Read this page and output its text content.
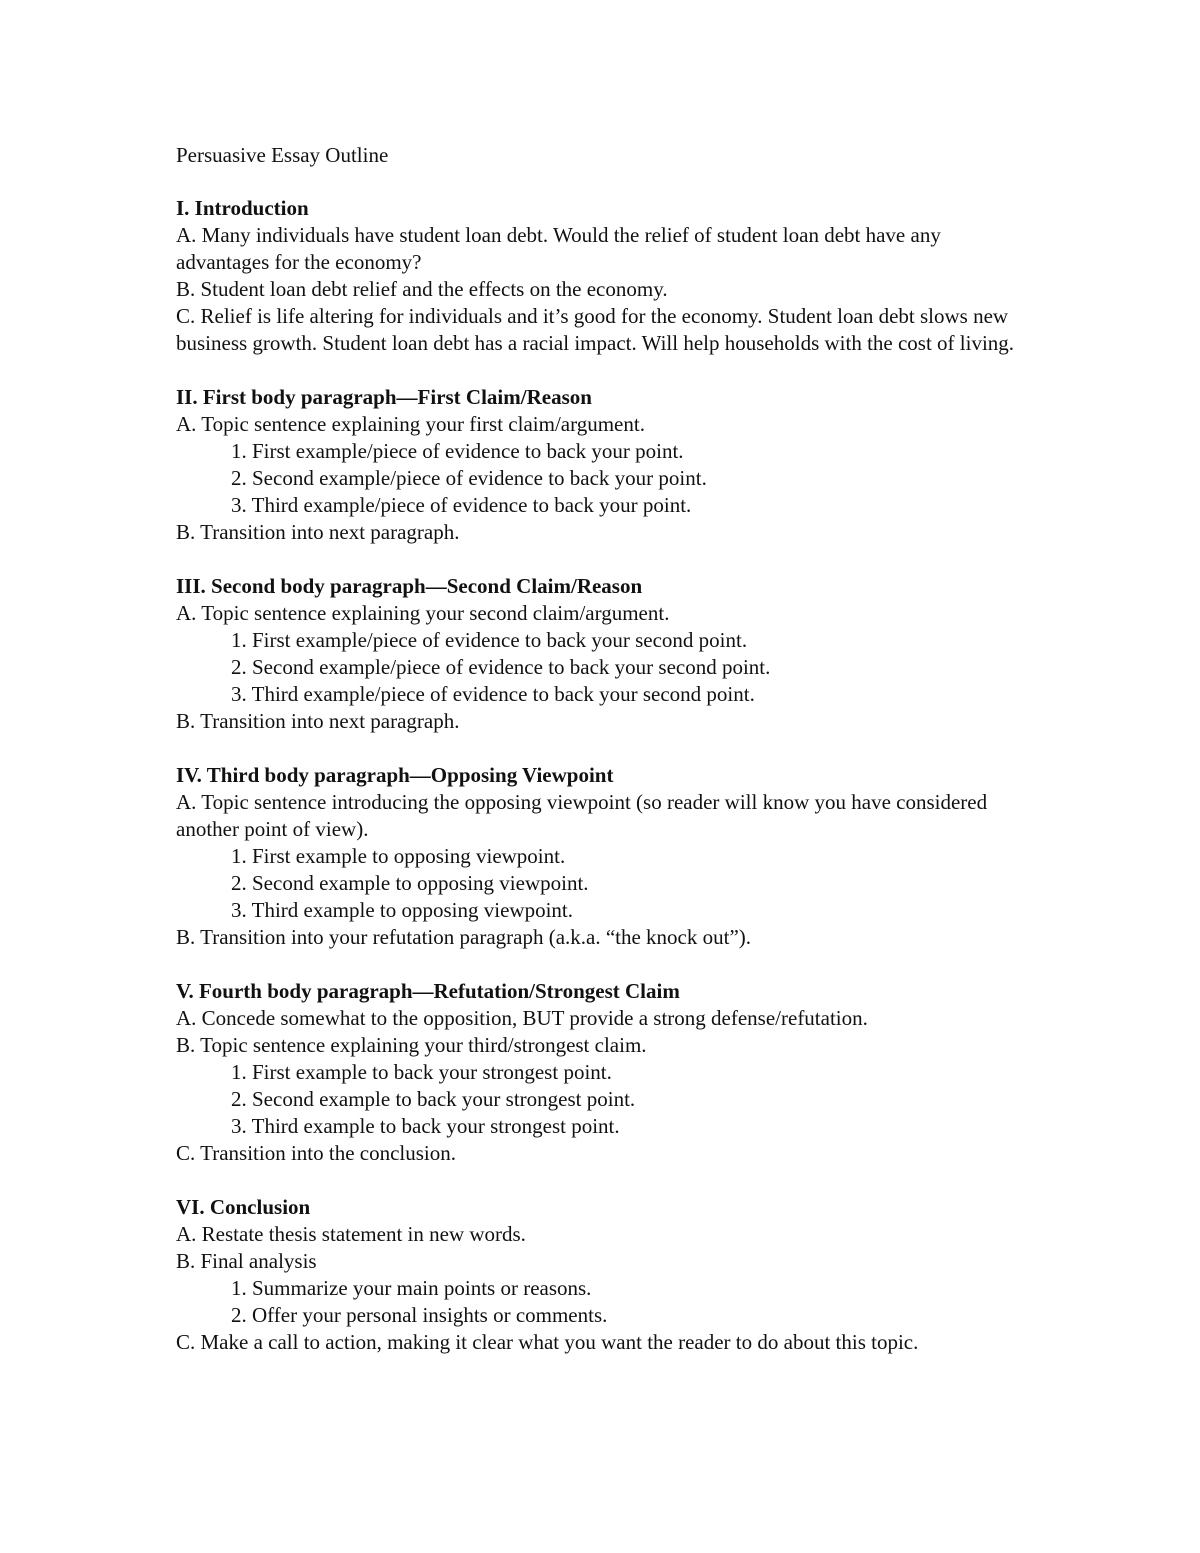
Persuasive Essay Outline
I. Introduction
A. Many individuals have student loan debt. Would the relief of student loan debt have any advantages for the economy?
B. Student loan debt relief and the effects on the economy.
C. Relief is life altering for individuals and it’s good for the economy. Student loan debt slows new business growth. Student loan debt has a racial impact. Will help households with the cost of living.
II. First body paragraph—First Claim/Reason
A. Topic sentence explaining your first claim/argument.
1. First example/piece of evidence to back your point.
2. Second example/piece of evidence to back your point.
3. Third example/piece of evidence to back your point.
B. Transition into next paragraph.
III. Second body paragraph—Second Claim/Reason
A. Topic sentence explaining your second claim/argument.
1. First example/piece of evidence to back your second point.
2. Second example/piece of evidence to back your second point.
3. Third example/piece of evidence to back your second point.
B. Transition into next paragraph.
IV. Third body paragraph—Opposing Viewpoint
A. Topic sentence introducing the opposing viewpoint (so reader will know you have considered another point of view).
1. First example to opposing viewpoint.
2. Second example to opposing viewpoint.
3. Third example to opposing viewpoint.
B. Transition into your refutation paragraph (a.k.a. “the knock out”).
V. Fourth body paragraph—Refutation/Strongest Claim
A. Concede somewhat to the opposition, BUT provide a strong defense/refutation.
B. Topic sentence explaining your third/strongest claim.
1. First example to back your strongest point.
2. Second example to back your strongest point.
3. Third example to back your strongest point.
C. Transition into the conclusion.
VI. Conclusion
A. Restate thesis statement in new words.
B. Final analysis
1. Summarize your main points or reasons.
2. Offer your personal insights or comments.
C. Make a call to action, making it clear what you want the reader to do about this topic.
